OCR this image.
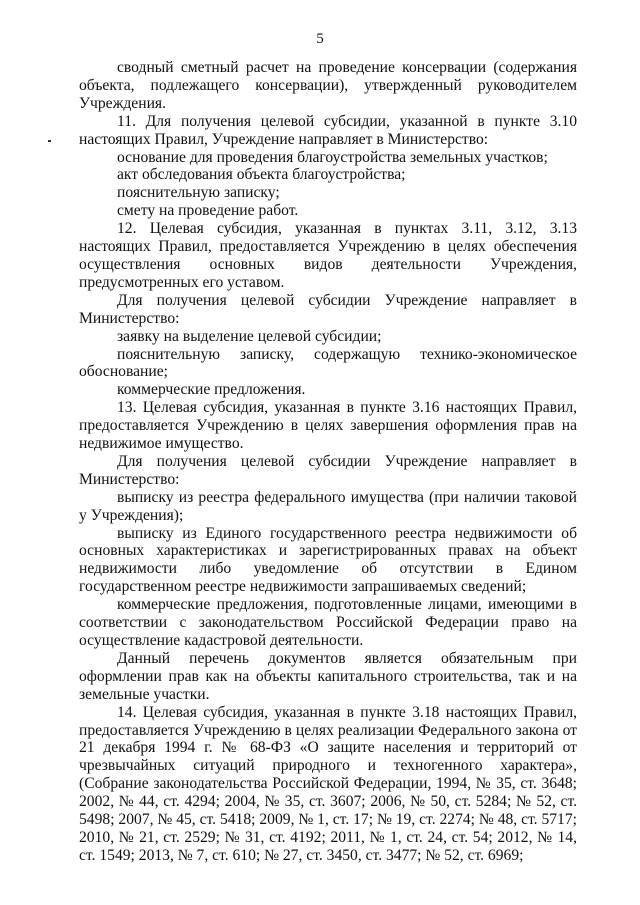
5

сводный сметный расчет на проведение консервации (содержания объекта, подлежащего консервации), утвержденный руководителем Учреждения.

11. Для получения целевой субсидии, указанной в пункте 3.10 настоящих Правил, Учреждение направляет в Министерство:

основание для проведения благоустройства земельных участков;

акт обследования объекта благоустройства;

пояснительную записку;

смету на проведение работ.

12. Целевая субсидия, указанная в пунктах 3.11, 3.12, 3.13 настоящих Правил, предоставляется Учреждению в целях обеспечения осуществления основных видов деятельности Учреждения, предусмотренных его уставом.

Для получения целевой субсидии Учреждение направляет в Министерство:

заявку на выделение целевой субсидии;

пояснительную записку, содержащую технико-экономическое обоснование;

коммерческие предложения.

13. Целевая субсидия, указанная в пункте 3.16 настоящих Правил, предоставляется Учреждению в целях завершения оформления прав на недвижимое имущество.

Для получения целевой субсидии Учреждение направляет в Министерство:

выписку из реестра федерального имущества (при наличии таковой у Учреждения);

выписку из Единого государственного реестра недвижимости об основных характеристиках и зарегистрированных правах на объект недвижимости либо уведомление об отсутствии в Едином государственном реестре недвижимости запрашиваемых сведений;

коммерческие предложения, подготовленные лицами, имеющими в соответствии с законодательством Российской Федерации право на осуществление кадастровой деятельности.

Данный перечень документов является обязательным при оформлении прав как на объекты капитального строительства, так и на земельные участки.

14. Целевая субсидия, указанная в пункте 3.18 настоящих Правил, предоставляется Учреждению в целях реализации Федерального закона от 21 декабря 1994 г. № 68-ФЗ «О защите населения и территорий от чрезвычайных ситуаций природного и техногенного характера», (Собрание законодательства Российской Федерации, 1994, № 35, ст. 3648; 2002, № 44, ст. 4294; 2004, № 35, ст. 3607; 2006, № 50, ст. 5284; № 52, ст. 5498; 2007, № 45, ст. 5418; 2009, № 1, ст. 17; № 19, ст. 2274; № 48, ст. 5717; 2010, № 21, ст. 2529; № 31, ст. 4192; 2011, № 1, ст. 24, ст. 54; 2012, № 14, ст. 1549; 2013, № 7, ст. 610; № 27, ст. 3450, ст. 3477; № 52, ст. 6969;
